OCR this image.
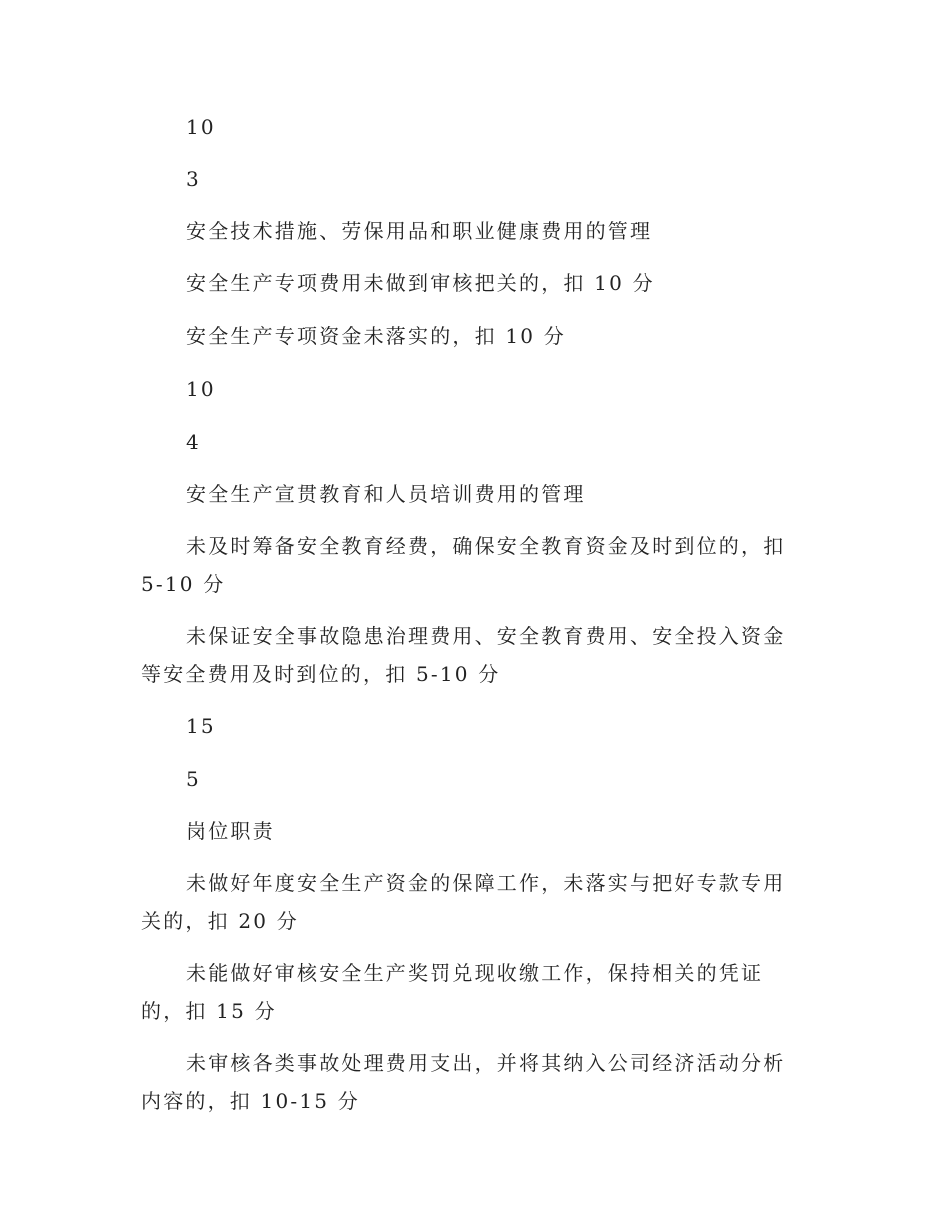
10

3

安全技术措施、劳保用品和职业健康费用的管理

安全生产专项费用未做到审核把关的，扣 10 分

安全生产专项资金未落实的，扣 10 分

10

4

安全生产宣贯教育和人员培训费用的管理

未及时筹备安全教育经费，确保安全教育资金及时到位的，扣 5-10 分

未保证安全事故隐患治理费用、安全教育费用、安全投入资金等安全费用及时到位的，扣 5-10 分

15

5

岗位职责

未做好年度安全生产资金的保障工作，未落实与把好专款专用关的，扣 20 分

未能做好审核安全生产奖罚兑现收缴工作，保持相关的凭证的，扣 15 分

未审核各类事故处理费用支出，并将其纳入公司经济活动分析内容的，扣 10-15 分
